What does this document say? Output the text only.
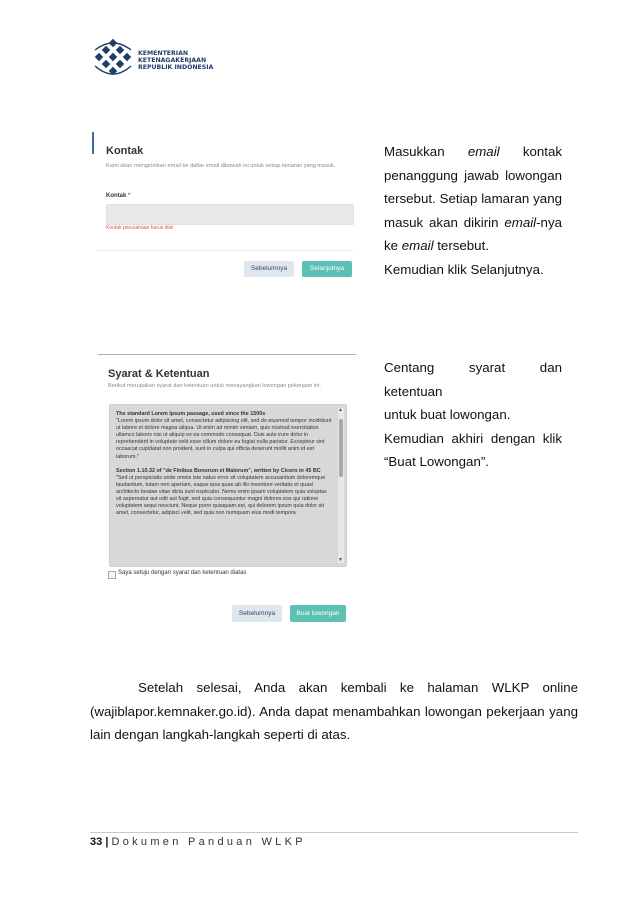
KEMENTERIAN
KETENAGAKERJAAN
REPUBLIK INDONESIA
Kontak
Kami akan mengirimkan email ke daftar email dibawah ini untuk setiap lamaran yang masuk.
Kontak *
Kontak perusahaan harus diisi
Sebelumnya	Selanjutnya
Masukkan email kontak
penanggung jawab lowongan
tersebut. Setiap lamaran yang
masuk akan dikirin email-nya
ke email tersebut.
Kemudian klik Selanjutnya.
Syarat & Ketentuan
Berikut merupakan syarat dan ketentuan untuk menayangkan lowongan pekerjaan ini.
The standard Lorem Ipsum passage, used since the 1500s

"Lorem ipsum dolor sit amet, consectetur adipiscing elit, sed do eiusmod tempor incididunt ut labore et dolore magna aliqua. Ut enim ad minim veniam, quis nostrud exercitation ullamco laboris nisi ut aliquip ex ea commodo consequat. Duis aute irure dolor in reprehenderit in voluptate velit esse cillum dolore eu fugiat nulla pariatur. Excepteur sint occaecat cupidatat non proident, sunt in culpa qui officia deserunt mollit anim id est laborum."

Section 1.10.32 of "de Finibus Bonorum et Malorum", written by Cicero in 45 BC

"Sed ut perspiciatis unde omnis iste natus error sit voluptatem accusantium doloremque laudantium, totam rem aperiam, eaque ipsa quae ab illo inventore veritatis et quasi architecto beatae vitae dicta sunt explicabo. Nemo enim ipsam voluptatem quia voluptas sit aspernatur aut odit aut fugit, sed quia consequuntur magni dolores eos qui ratione voluptatem sequi nesciunt. Neque porro quisquam est, qui dolorem ipsum quia dolor sit amet, consectetur, adipisci velit, sed quia non numquam eius modi tempora

▲
▼
Saya setuju dengan syarat dan ketentuan diatas
Sebelumnya	Buat lowongan
Centang syarat dan ketentuan
untuk buat lowongan.
Kemudian akhiri dengan klik
“Buat Lowongan”.
Setelah selesai, Anda akan kembali ke halaman WLKP online (wajiblapor.kemnaker.go.id). Anda dapat menambahkan lowongan pekerjaan yang lain dengan langkah-langkah seperti di atas.
33 | Dokumen Panduan WLKP
